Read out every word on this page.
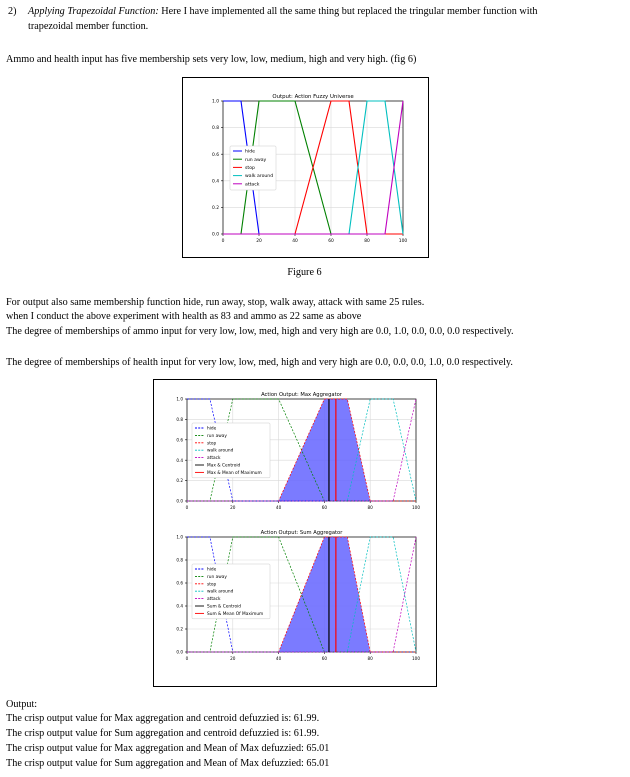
2) Applying Trapezoidal Function: Here I have implemented all the same thing but replaced the tringular member function with
trapezoidal member function.
Ammo and health input has five membership sets very low, low, medium, high and very high. (fig 6)
0	20	40	60	80	100
0.0
0.2
0.4
0.6
0.8
1.0
Output: Action Fuzzy Universe
hide
run away
stop
walk around
attack
Figure 6
For output also same membership function hide, run away, stop, walk away, attack with same 25 rules.
when I conduct the above experiment with health as 83 and ammo as 22 same as above
The degree of memberships of ammo input for very low, low, med, high and very high are 0.0, 1.0, 0.0, 0.0, 0.0 respectively.
The degree of memberships of health input for very low, low, med, high and very high are 0.0, 0.0, 0.0, 1.0, 0.0 respectively.
0	20	40	60	80	100
0.0
0.2
0.4
0.6
0.8
1.0
Action Output: Max Aggregator
hide
run away
stop
walk around
attack
Max & Centroid
Max & Mean of Maximum
0	20	40	60	80	100
0.0
0.2
0.4
0.6
0.8
1.0
Action Output: Sum Aggregator
hide
run away
stop
walk around
attack
Sum & Centroid
Sum & Mean Of Maximum
Output:
The crisp output value for Max aggregation and centroid defuzzied is: 61.99.
The crisp output value for Sum aggregation and centroid defuzzied is: 61.99.
The crisp output value for Max aggregation and Mean of Max defuzzied: 65.01
The crisp output value for Sum aggregation and Mean of Max defuzzied: 65.01
